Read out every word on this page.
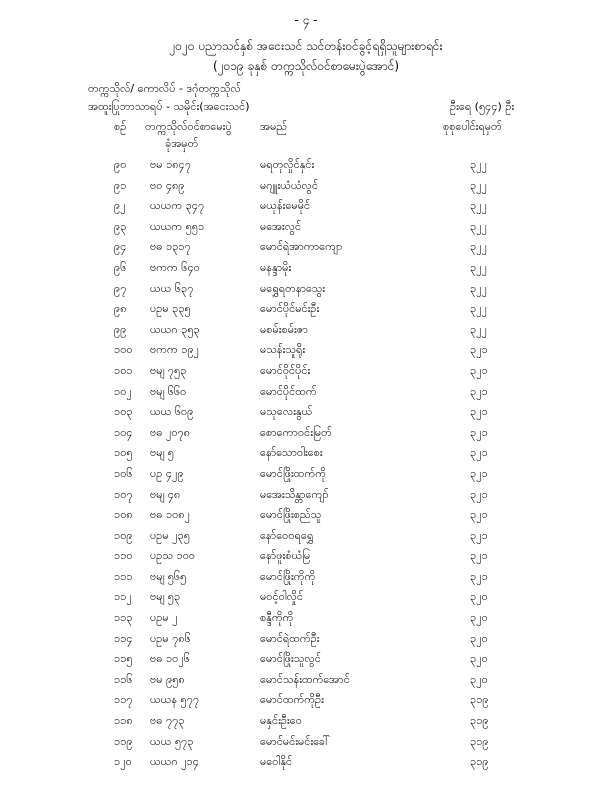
- ၄ -
၂၀၂၀ ပညာသင်နှစ် အငေးသင် သင်တန်းဝင်ခွင့်ရရှိသူများစာရင်း
(၂၀၁၉ ခုနှစ် တက္ကသိုလ်ဝင်စာမေးပွဲအောင်)
တက္ကသိုလ်/ ကောလိပ် - ဒဂုံတက္ကသိုလ်
အထူးပြုဘာသာရပ် - သမိုင်း(အငေးသင်)	ဦးရေ (၅၄၄) ဦး
စဉ် တက္ကသိုလ်ဝင်စာမေးပွဲ	အမည်	စုစုပေါင်းရမှတ်
ခုံအမှတ်
၉၀ ဗမ ၁၈၄၇	မရတုလှိုင်နှင်း	၃၂၂
၉၁ ဗဝ ၄၈၉	မဂျူးယံယံလွင်	၃၂၂
၉၂ ယယက ၃၄၇	မယုန်းမေမိုင်	၃၂၂
၉၃ ယယက ၅၅၁	မအေးလွင်	၃၂၂
၉၄ ဗဓ ၁၃၁၇	မောင်ရဲအာကာကျော	၃၂၂
၉၆ ဗကက ၆၄၀	မနန္ဒာမိုး	၃၂၂
၉၇ ယယ ၆၃၇	မရွှေရတနာသွေး	၃၂၂
၉၈ ပဥမ ၃၃၅	မောင်ပိုင်မင်းဦး	၃၂၂
၉၉ ယယဂ ၃၅၃	မစမ်းစမ်းဇာ	၃၂၂
၁၀၀ ဗကက ၁၉၂	မသန်းသူရိုး	၃၂၁
၁၀၁ ဗမျ ၇၅၃	မောင်ဝိုင်ပိုင်း	၃၂၁
၁၀၂ ဗမျ ၆၆၀	မောင်ပိုင်ထက်	၃၂၁
၁၀၃ ယယ ၆၀၉	မသုလေးနွယ်	၃၂၁
၁၀၄ ဗဓ ၂၀၇၈	စောကောဝင်းမြတ်	၃၂၁
၁၀၅ ဗမျ ၅	နော်သောဝါးစေး	၃၂၁
၁၀၆ ပဥ ၄၂၉	မောင်ဖြိုးထက်ကို	၃၂၁
၁၀၇ ဗမျ ၄၈	မအေးသိန္တာကျော်	၃၂၁
၁၀၈ ဗဓ ၁၀၈၂	မောင်ဖြိုးစည်သူ	၃၂၁
၁၀၉ ပဥမ ၂၃၅	နော်ဝေဝရရွှေ	၃၂၁
၁၁၀ ပဥသ ၁၀၀	နော်ဖူးစံယံမြ	၃၂၁
၁၁၁ ဗမျ ၅၆၅	မောင်ဖြိုးကိုကို	၃၂၁
၁၁၂ ဗမျ ၅၃	မဝင့်ဝါလှိုင်	၃၂၀
၁၁၃ ပဥမ ၂	စန္ဒီကိုကို	၃၂၀
၁၁၄ ပဥမ ၇၈၆	မောင်ရဲထက်ဦး	၃၂၀
၁၁၅ ဗဓ ၁၀၂၆	မောင်ဖြိုးသူလွင်	၃၂၀
၁၁၆ ဗမ ၉၅၈	မောင်သန်းထက်အောင်	၃၂၀
၁၁၇ ယယန ၅၇၇	မောင်ထက်ကိုဦး	၃၁၉
၁၁၈ ဗဓ ၇၇၃	မနှင်းဦးဝေ	၃၁၉
၁၁၉ ယယ ၅၇၃	မောင်မင်းမင်းခေါ်	၃၁၉
၁၂၀ ယယဂ ၂၁၄	မဝေါနိုင်	၃၁၉
